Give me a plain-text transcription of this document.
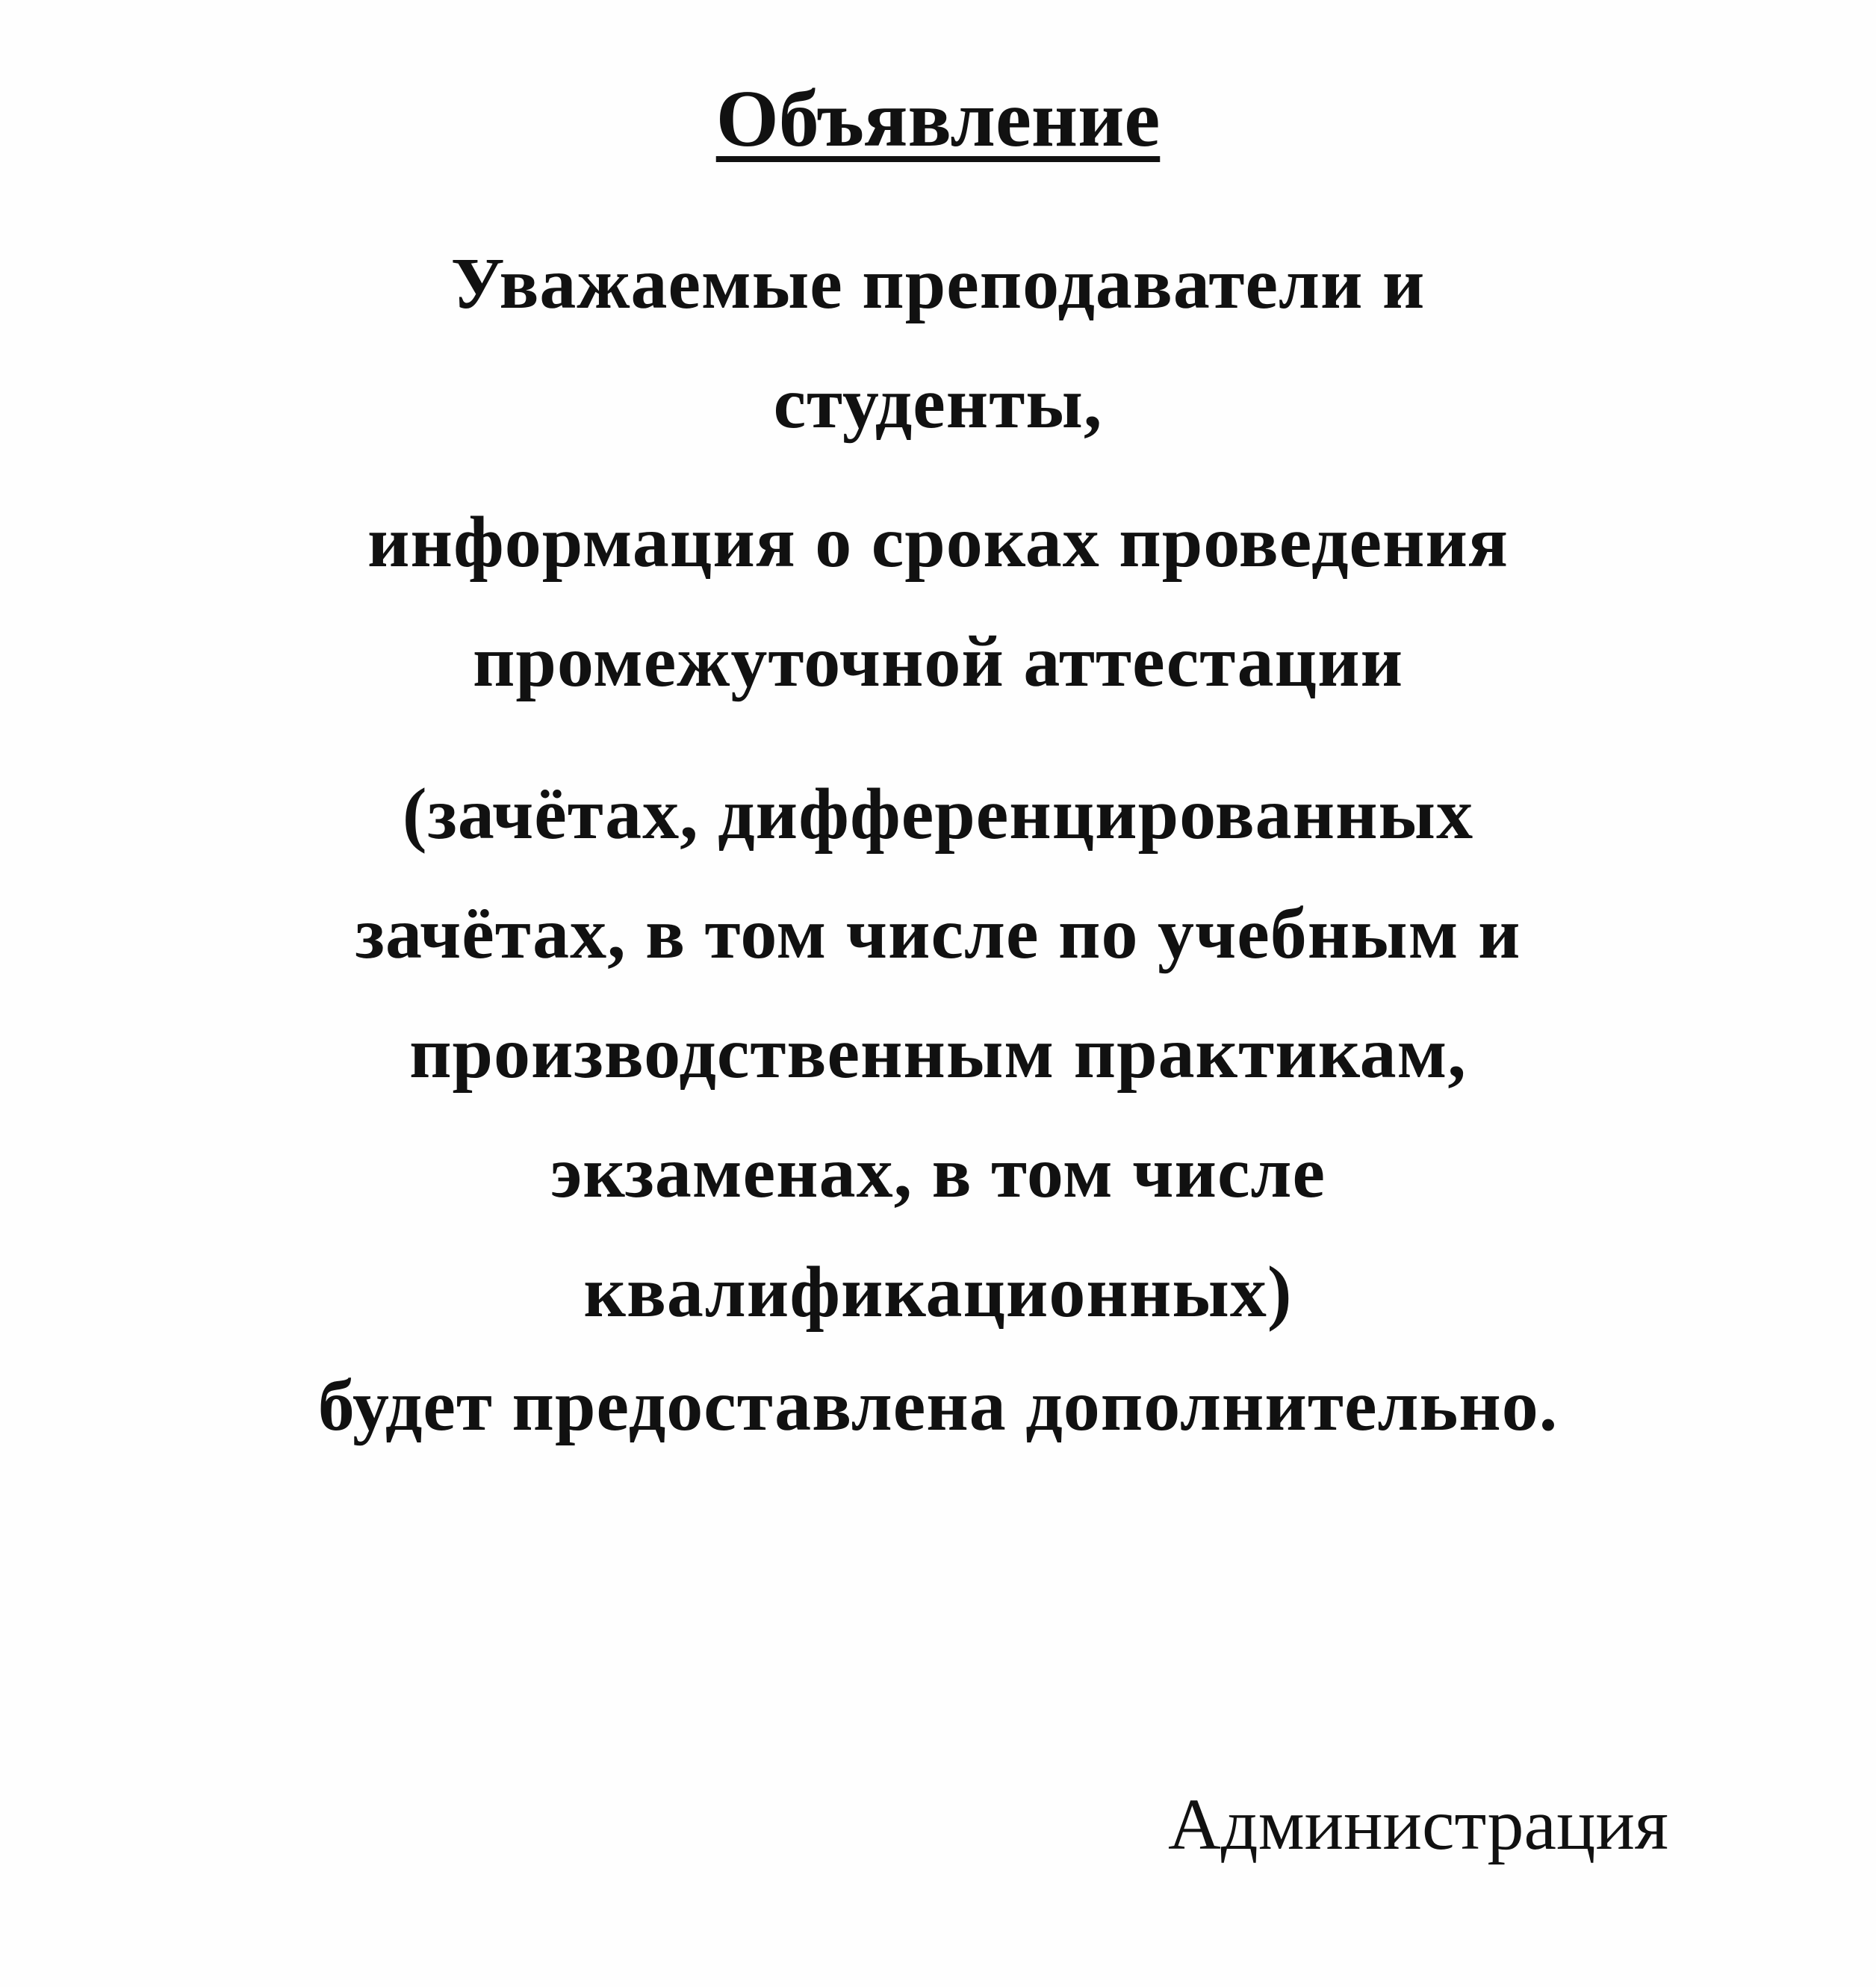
Объявление
Уважаемые преподаватели и
студенты,
информация о сроках проведения
промежуточной аттестации
(зачётах, дифференцированных
зачётах, в том числе по учебным и
производственным практикам,
экзаменах, в том числе
квалификационных)
будет предоставлена дополнительно.
Администрация
